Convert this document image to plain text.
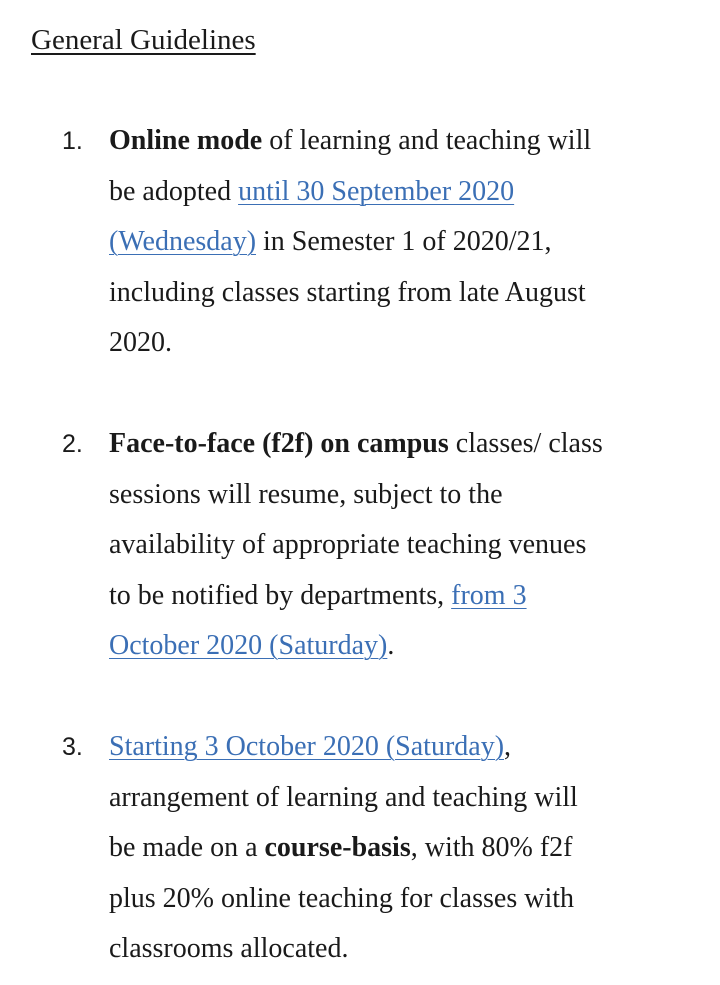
General Guidelines
1. Online mode of learning and teaching will
be adopted until 30 September 2020
(Wednesday) in Semester 1 of 2020/21,
including classes starting from late August
2020.
2. Face-to-face (f2f) on campus classes/ class
sessions will resume, subject to the
availability of appropriate teaching venues
to be notified by departments, from 3
October 2020 (Saturday).
3. Starting 3 October 2020 (Saturday),
arrangement of learning and teaching will
be made on a course-basis, with 80% f2f
plus 20% online teaching for classes with
classrooms allocated.
